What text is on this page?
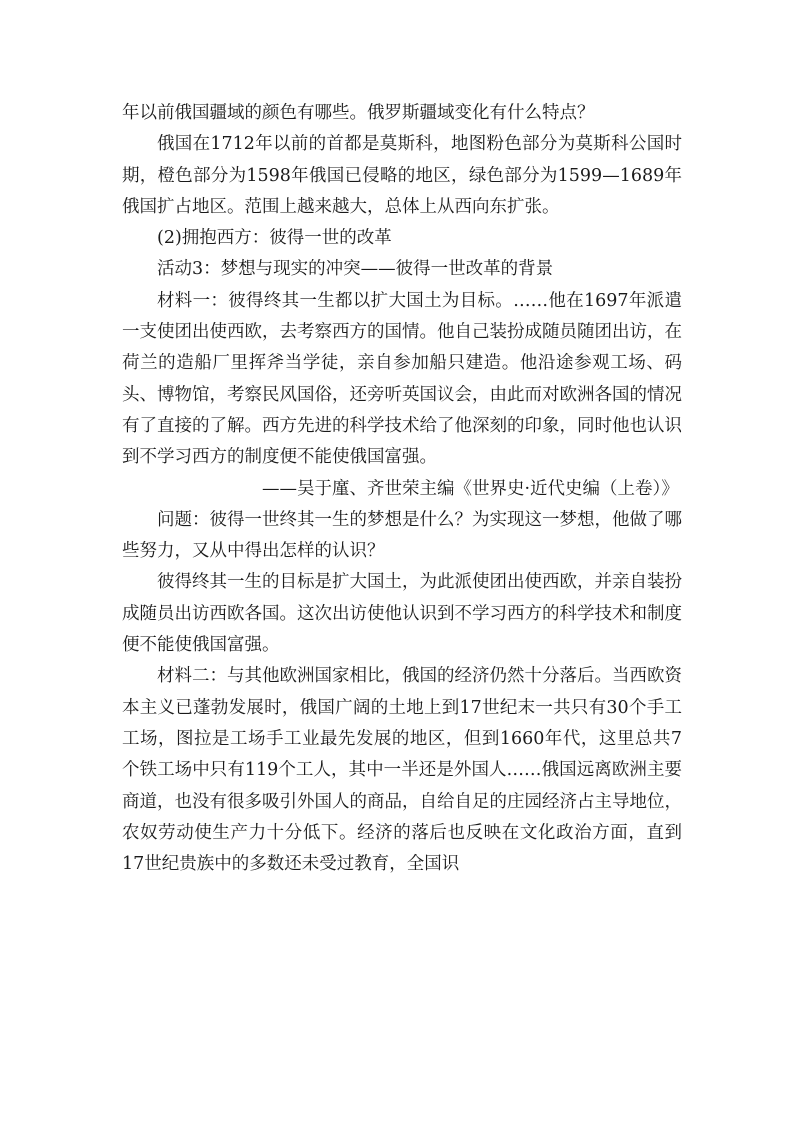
年以前俄国疆域的颜色有哪些。俄罗斯疆域变化有什么特点？

俄国在1712年以前的首都是莫斯科，地图粉色部分为莫斯科公国时期，橙色部分为1598年俄国已侵略的地区，绿色部分为1599—1689年俄国扩占地区。范围上越来越大，总体上从西向东扩张。

(2)拥抱西方：彼得一世的改革

活动3：梦想与现实的冲突——彼得一世改革的背景

材料一：彼得终其一生都以扩大国土为目标。……他在1697年派遣一支使团出使西欧，去考察西方的国情。他自己装扮成随员随团出访，在荷兰的造船厂里挥斧当学徒，亲自参加船只建造。他沿途参观工场、码头、博物馆，考察民风国俗，还旁听英国议会，由此而对欧洲各国的情况有了直接的了解。西方先进的科学技术给了他深刻的印象，同时他也认识到不学习西方的制度便不能使俄国富强。

　　　　　　　　——吴于廑、齐世荣主编《世界史·近代史编（上卷）》

问题：彼得一世终其一生的梦想是什么？为实现这一梦想，他做了哪些努力，又从中得出怎样的认识？

彼得终其一生的目标是扩大国土，为此派使团出使西欧，并亲自装扮成随员出访西欧各国。这次出访使他认识到不学习西方的科学技术和制度便不能使俄国富强。

材料二：与其他欧洲国家相比，俄国的经济仍然十分落后。当西欧资本主义已蓬勃发展时，俄国广阔的土地上到17世纪末一共只有30个手工工场，图拉是工场手工业最先发展的地区，但到1660年代，这里总共7个铁工场中只有119个工人，其中一半还是外国人……俄国远离欧洲主要商道，也没有很多吸引外国人的商品，自给自足的庄园经济占主导地位，农奴劳动使生产力十分低下。经济的落后也反映在文化政治方面，直到17世纪贵族中的多数还未受过教育，全国识
